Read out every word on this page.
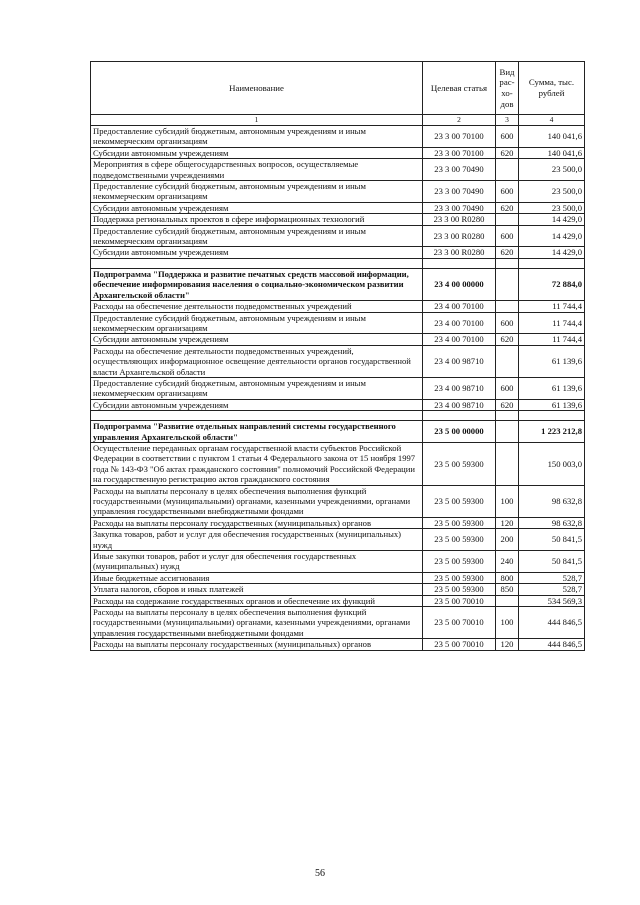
Наименование	Целевая статья	Вид рас-хо-дов	Сумма, тыс. рублей
1	2	3	4
Предоставление субсидий бюджетным, автономным учреждениям и иным некоммерческим организациям	23 3 00 70100	600	140 041,6
Субсидии автономным учреждениям	23 3 00 70100	620	140 041,6
Мероприятия в сфере общегосударственных вопросов, осуществляемые подведомственными учреждениями	23 3 00 70490		23 500,0
Предоставление субсидий бюджетным, автономным учреждениям и иным некоммерческим организациям	23 3 00 70490	600	23 500,0
Субсидии автономным учреждениям	23 3 00 70490	620	23 500,0
Поддержка региональных проектов в сфере информационных технологий	23 3 00 R0280		14 429,0
Предоставление субсидий бюджетным, автономным учреждениям и иным некоммерческим организациям	23 3 00 R0280	600	14 429,0
Субсидии автономным учреждениям	23 3 00 R0280	620	14 429,0

Подпрограмма "Поддержка и развитие печатных средств массовой информации, обеспечение информирования населения о социально-экономическом развитии Архангельской области"	23 4 00 00000		72 884,0
Расходы на обеспечение деятельности подведомственных учреждений	23 4 00 70100		11 744,4
Предоставление субсидий бюджетным, автономным учреждениям и иным некоммерческим организациям	23 4 00 70100	600	11 744,4
Субсидии автономным учреждениям	23 4 00 70100	620	11 744,4
Расходы на обеспечение деятельности подведомственных учреждений, осуществляющих информационное освещение деятельности органов государственной власти Архангельской области	23 4 00 98710		61 139,6
Предоставление субсидий бюджетным, автономным учреждениям и иным некоммерческим организациям	23 4 00 98710	600	61 139,6
Субсидии автономным учреждениям	23 4 00 98710	620	61 139,6

Подпрограмма "Развитие отдельных направлений системы государственного управления Архангельской области"	23 5 00 00000		1 223 212,8
Осуществление переданных органам государственной власти субъектов Российской Федерации в соответствии с пунктом 1 статьи 4 Федерального закона от 15 ноября 1997 года № 143-ФЗ "Об актах гражданского состояния" полномочий Российской Федерации на государственную регистрацию актов гражданского состояния	23 5 00 59300		150 003,0
Расходы на выплаты персоналу в целях обеспечения выполнения функций государственными (муниципальными) органами, казенными учреждениями, органами управления государственными внебюджетными фондами	23 5 00 59300	100	98 632,8
Расходы на выплаты персоналу государственных (муниципальных) органов	23 5 00 59300	120	98 632,8
Закупка товаров, работ и услуг для обеспечения государственных (муниципальных) нужд	23 5 00 59300	200	50 841,5
Иные закупки товаров, работ и услуг для обеспечения государственных (муниципальных) нужд	23 5 00 59300	240	50 841,5
Иные бюджетные ассигнования	23 5 00 59300	800	528,7
Уплата налогов, сборов и иных платежей	23 5 00 59300	850	528,7
Расходы на содержание государственных органов и обеспечение их функций	23 5 00 70010		534 569,3
Расходы на выплаты персоналу в целях обеспечения выполнения функций государственными (муниципальными) органами, казенными учреждениями, органами управления государственными внебюджетными фондами	23 5 00 70010	100	444 846,5
Расходы на выплаты персоналу государственных (муниципальных) органов	23 5 00 70010	120	444 846,5
56
